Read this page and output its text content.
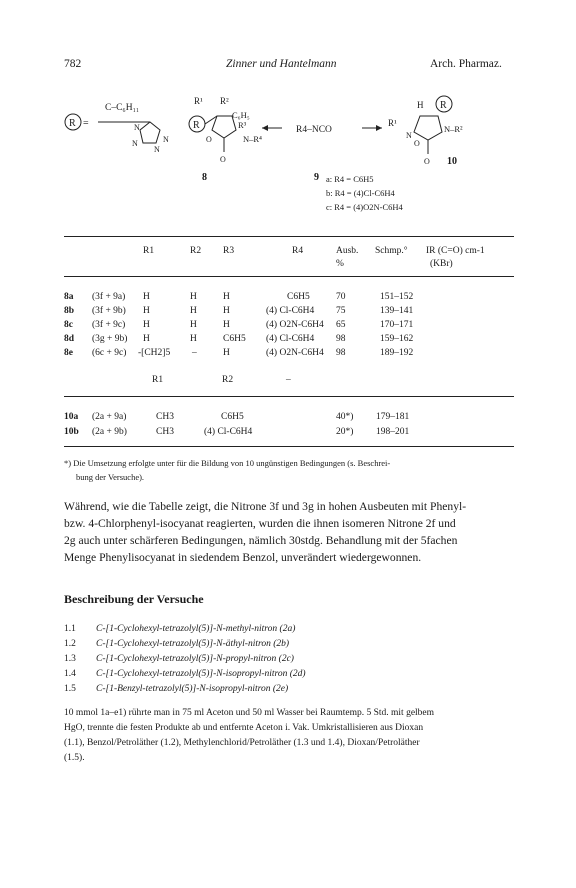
782	Zinner und Hantelmann	Arch. Pharmaz.
R =
C–C₆H₁₁
N
N
N
N
R
R¹ R²
C₆H₅
R³
N–R⁴
O
O
8
R4–NCO
9
H R
R¹
N
N–R²
O
O 10
a: R4 = C6H5
b: R4 = (4)Cl-C6H4
c: R4 = (4)O2N-C6H4
R1	R2 R3	R4	Ausb.
%
Schmp.° IR (C=O) cm-1
(KBr)
8a (3f + 9a) H	H	H	C6H5	70	151–152
8b (3f + 9b) H	H	H	(4) Cl-C6H4 75	139–141
8c (3f + 9c) H	H	H	(4) O2N-C6H4 65	170–171
8d (3g + 9b) H	H	C6H5 (4) Cl-C6H4 98	159–162
8e (6c + 9c) -[CH2]5 –	H	(4) O2N-C6H4 98	189–192
R1	R2	–
10a (2a + 9a)	CH3	C6H5	40*) 179–181
10b (2a + 9b)	CH3	(4) Cl-C6H4	20*) 198–201
*) Die Umsetzung erfolgte unter für die Bildung von 10 ungünstigen Bedingungen (s. Beschrei-
bung der Versuche).
Während, wie die Tabelle zeigt, die Nitrone 3f und 3g in hohen Ausbeuten mit Phenyl-
bzw. 4-Chlorphenyl-isocyanat reagierten, wurden die ihnen isomeren Nitrone 2f und
2g auch unter schärferen Bedingungen, nämlich 30stdg. Behandlung mit der 5fachen
Menge Phenylisocyanat in siedendem Benzol, unverändert wiedergewonnen.
Beschreibung der Versuche
1.1 C-[1-Cyclohexyl-tetrazolyl(5)]-N-methyl-nitron (2a)
1.2 C-[1-Cyclohexyl-tetrazolyl(5)]-N-äthyl-nitron (2b)
1.3 C-[1-Cyclohexyl-tetrazolyl(5)]-N-propyl-nitron (2c)
1.4 C-[1-Cyclohexyl-tetrazolyl(5)]-N-isopropyl-nitron (2d)
1.5 C-[1-Benzyl-tetrazolyl(5)]-N-isopropyl-nitron (2e)
10 mmol 1a–e1) rührte man in 75 ml Aceton und 50 ml Wasser bei Raumtemp. 5 Std. mit gelbem
HgO, trennte die festen Produkte ab und entfernte Aceton i. Vak. Umkristallisieren aus Dioxan
(1.1), Benzol/Petroläther (1.2), Methylenchlorid/Petroläther (1.3 und 1.4), Dioxan/Petroläther
(1.5).
